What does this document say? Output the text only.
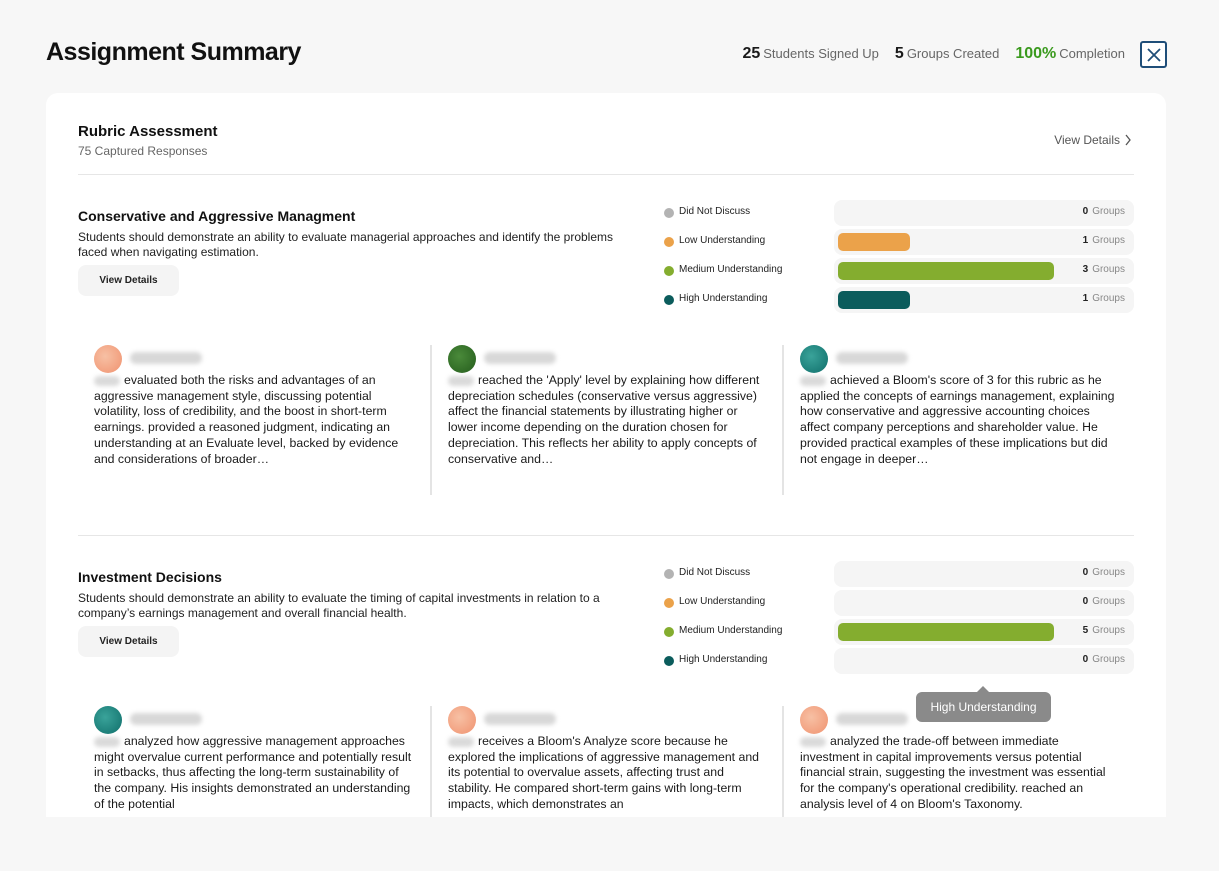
Assignment Summary	25 Students Signed Up 5 Groups Created 100% Completion
Rubric Assessment
75 Captured Responses
View Details
Conservative and Aggressive Managment
Students should demonstrate an ability to evaluate managerial approaches and identify the problems faced when navigating estimation.
View Details
Did Not Discuss	0 Groups
Low Understanding	1 Groups
Medium Understanding	3 Groups
High Understanding	1 Groups
evaluated both the risks and advantages of an aggressive management style, discussing potential volatility, loss of credibility, and the boost in short-term earnings. provided a reasoned judgment, indicating an understanding at an Evaluate level, backed by evidence and considerations of broader…
reached the 'Apply' level by explaining how different depreciation schedules (conservative versus aggressive) affect the financial statements by illustrating higher or lower income depending on the duration chosen for depreciation. This reflects her ability to apply concepts of conservative and…
achieved a Bloom's score of 3 for this rubric as he applied the concepts of earnings management, explaining how conservative and aggressive accounting choices affect company perceptions and shareholder value. He provided practical examples of these implications but did not engage in deeper…
Investment Decisions
Students should demonstrate an ability to evaluate the timing of capital investments in relation to a company’s earnings management and overall financial health.
View Details
Did Not Discuss	0 Groups
Low Understanding	0 Groups
Medium Understanding	5 Groups
High Understanding	0 Groups
analyzed how aggressive management approaches might overvalue current performance and potentially result in setbacks, thus affecting the long-term sustainability of the company. His insights demonstrated an understanding of the potential
receives a Bloom's Analyze score because he explored the implications of aggressive management and its potential to overvalue assets, affecting trust and stability. He compared short-term gains with long-term impacts, which demonstrates an
analyzed the trade-off between immediate investment in capital improvements versus potential financial strain, suggesting the investment was essential for the company's operational credibility. reached an analysis level of 4 on Bloom's Taxonomy.
High Understanding
